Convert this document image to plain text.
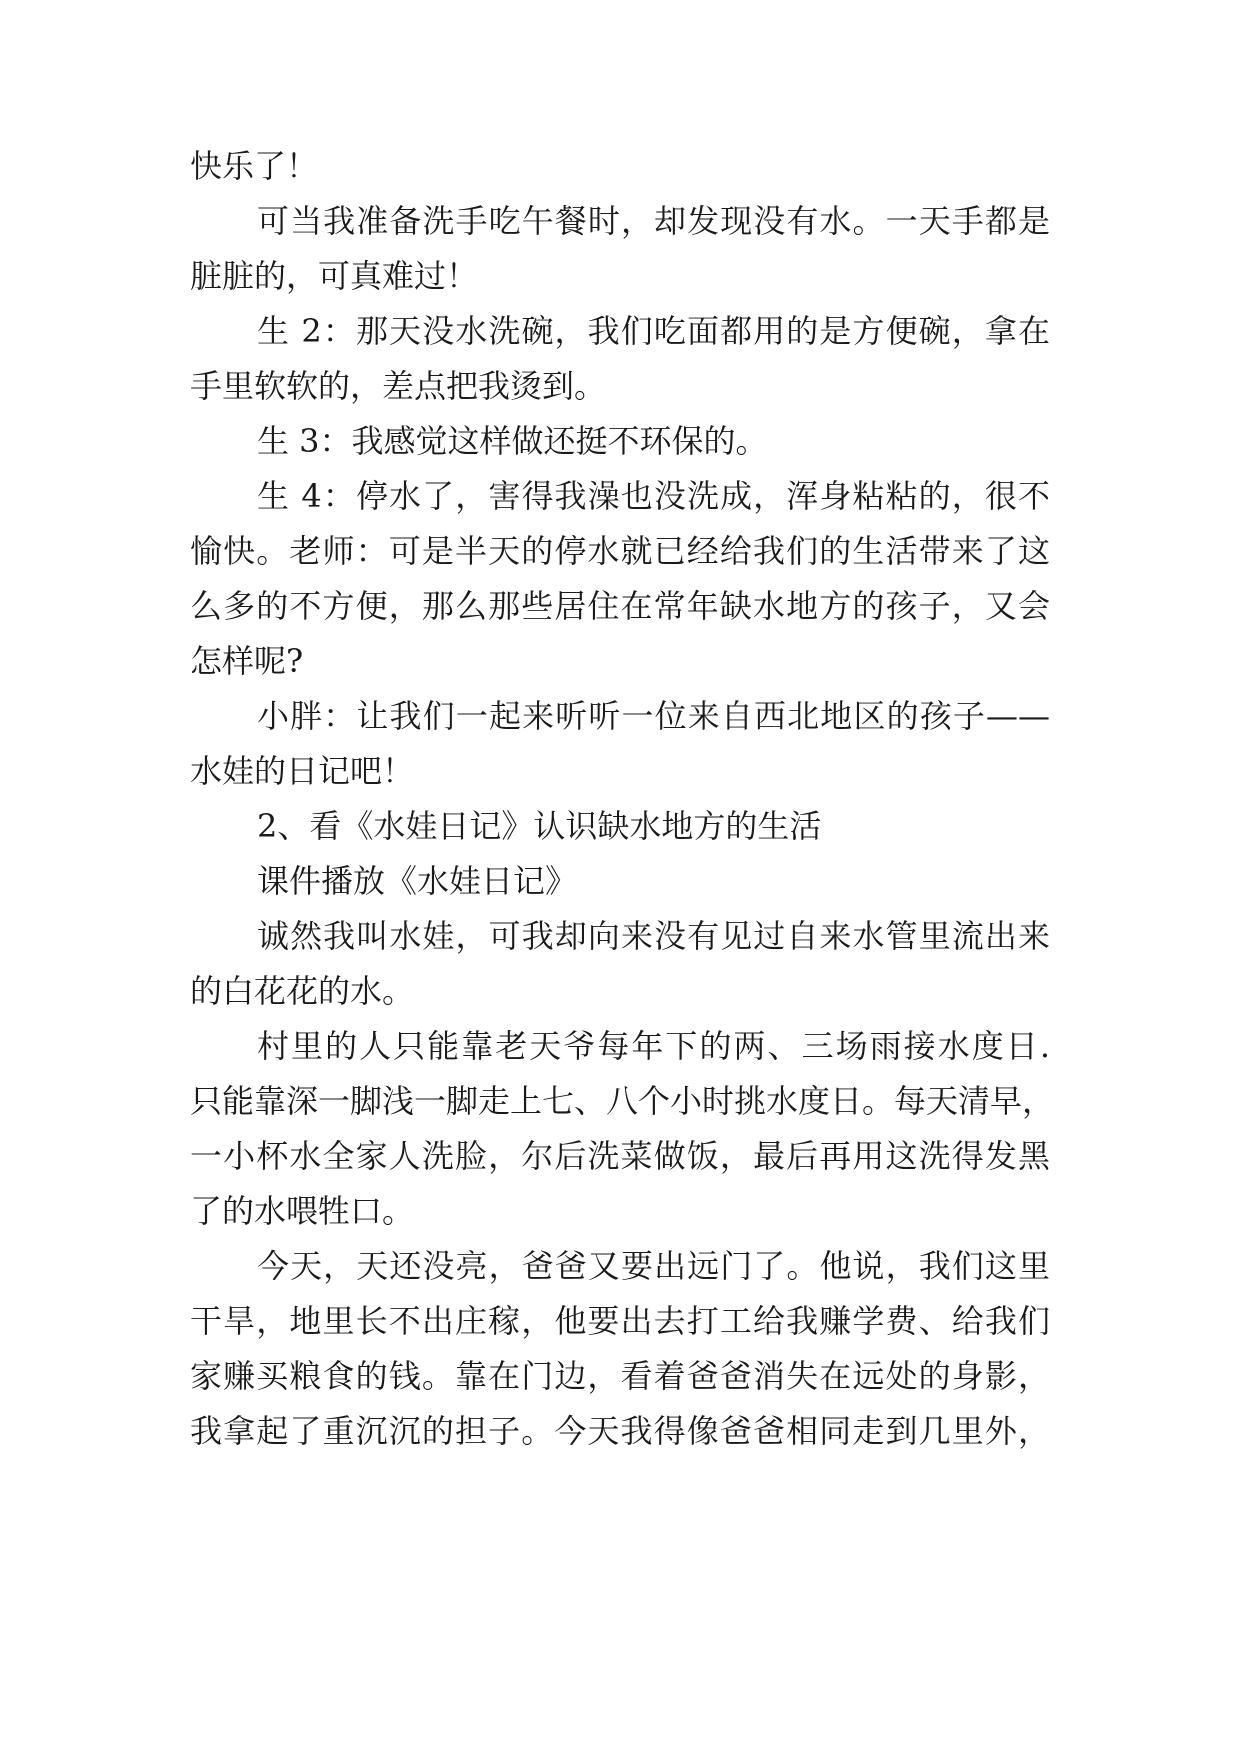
快乐了！
可当我准备洗手吃午餐时，却发现没有水。一天手都是
脏脏的，可真难过！
生 2：那天没水洗碗，我们吃面都用的是方便碗，拿在
手里软软的，差点把我烫到。
生 3：我感觉这样做还挺不环保的。
生 4：停水了，害得我澡也没洗成，浑身粘粘的，很不
愉快。老师：可是半天的停水就已经给我们的生活带来了这
么多的不方便，那么那些居住在常年缺水地方的孩子，又会
怎样呢?
小胖：让我们一起来听听一位来自西北地区的孩子——
水娃的日记吧！
2、看《水娃日记》认识缺水地方的生活
课件播放《水娃日记》
诚然我叫水娃，可我却向来没有见过自来水管里流出来
的白花花的水。
村里的人只能靠老天爷每年下的两、三场雨接水度日.
只能靠深一脚浅一脚走上七、八个小时挑水度日。每天清早，
一小杯水全家人洗脸，尔后洗菜做饭，最后再用这洗得发黑
了的水喂牲口。
今天，天还没亮，爸爸又要出远门了。他说，我们这里
干旱，地里长不出庄稼，他要出去打工给我赚学费、给我们
家赚买粮食的钱。靠在门边，看着爸爸消失在远处的身影，
我拿起了重沉沉的担子。今天我得像爸爸相同走到几里外，
